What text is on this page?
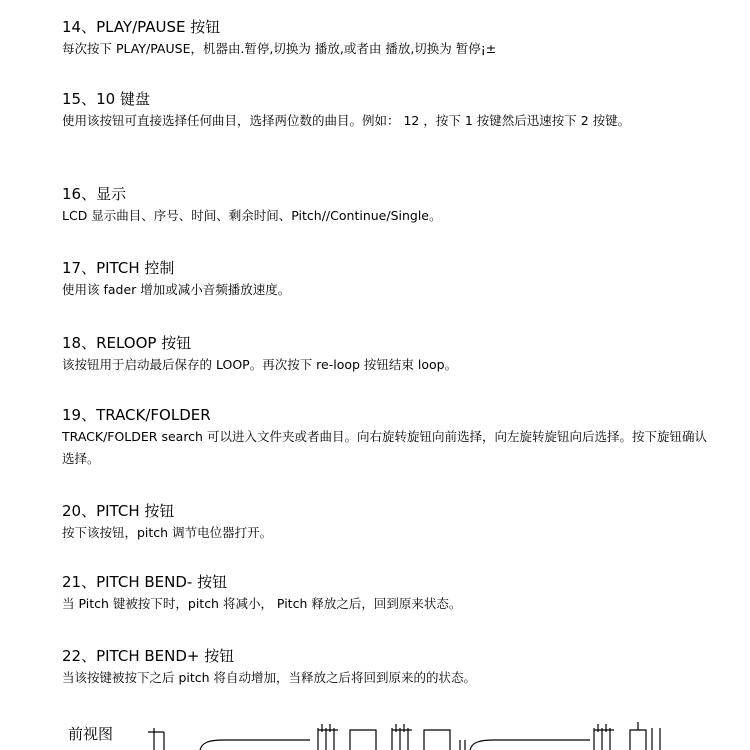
14、PLAY/PAUSE 按钮

每次按下 PLAY/PAUSE，机器由.暂停,切换为 播放,或者由 播放,切换为 暂停¡±

15、10 键盘

使用该按钮可直接选择任何曲目，选择两位数的曲目。例如： 12 ，按下 1 按键然后迅速按下 2 按键。

16、显示

LCD 显示曲目、序号、时间、剩余时间、Pitch//Continue/Single。

17、PITCH 控制

使用该 fader 增加或减小音频播放速度。

18、RELOOP 按钮

该按钮用于启动最后保存的 LOOP。再次按下 re-loop 按钮结束 loop。

19、TRACK/FOLDER

TRACK/FOLDER search 可以进入文件夹或者曲目。向右旋转旋钮向前选择，向左旋转旋钮向后选择。按下旋钮确认选择。

20、PITCH 按钮

按下该按钮，pitch 调节电位器打开。

21、PITCH BEND- 按钮

当 Pitch 键被按下时，pitch 将减小， Pitch 释放之后，回到原来状态。

22、PITCH BEND+ 按钮

当该按键被按下之后 pitch 将自动增加，当释放之后将回到原来的的状态。

前视图
